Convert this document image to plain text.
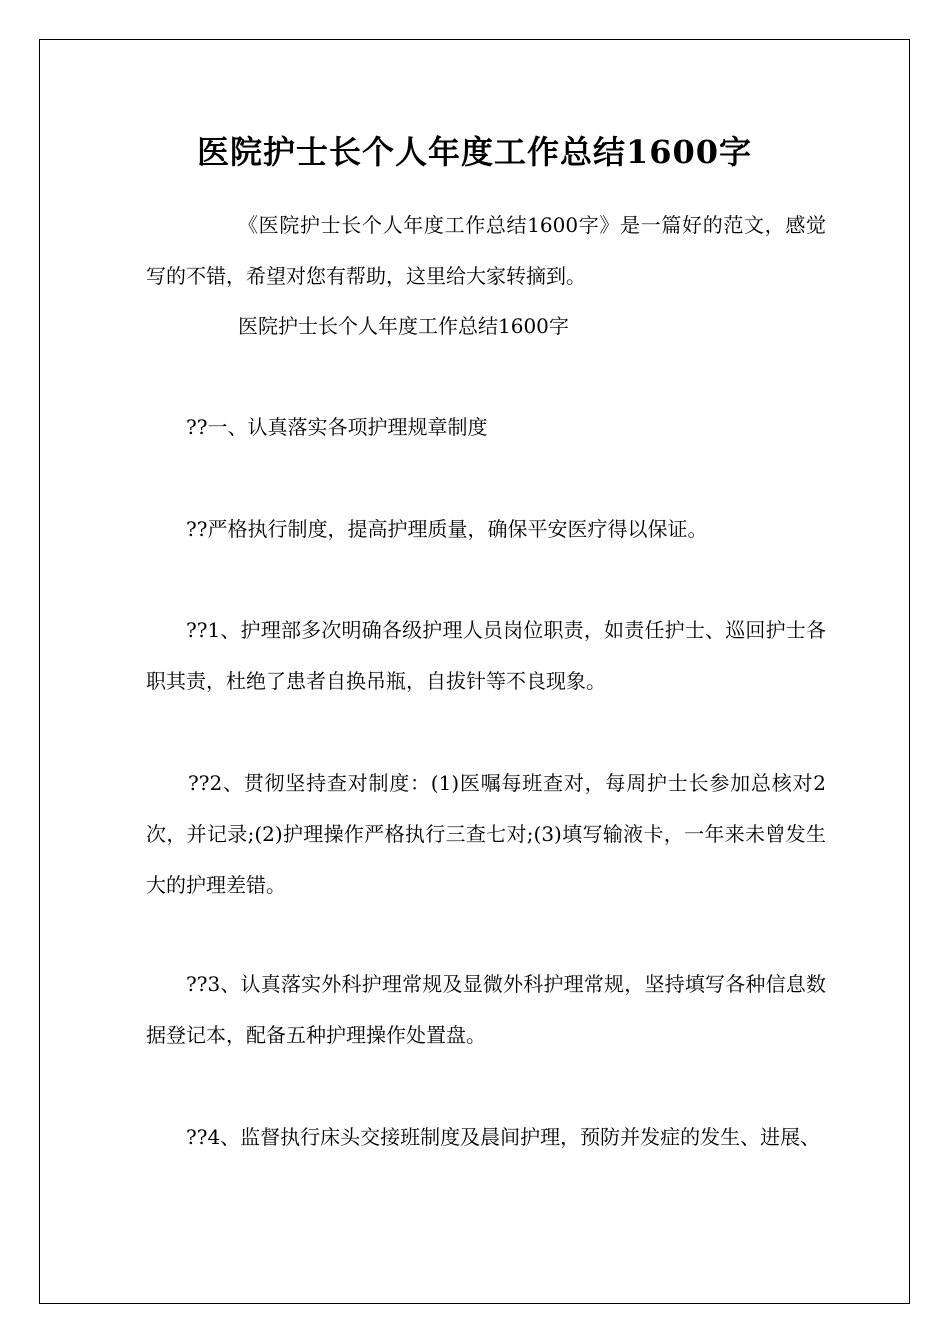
医院护士长个人年度工作总结1600字

《医院护士长个人年度工作总结1600字》是一篇好的范文，感觉写的不错，希望对您有帮助，这里给大家转摘到。

医院护士长个人年度工作总结1600字

??一、认真落实各项护理规章制度

??严格执行制度，提高护理质量，确保平安医疗得以保证。

??1、护理部多次明确各级护理人员岗位职责，如责任护士、巡回护士各职其责，杜绝了患者自换吊瓶，自拔针等不良现象。

??2、贯彻坚持查对制度：(1)医嘱每班查对，每周护士长参加总核对2次，并记录;(2)护理操作严格执行三查七对;(3)填写输液卡，一年来未曾发生大的护理差错。

??3、认真落实外科护理常规及显微外科护理常规，坚持填写各种信息数据登记本，配备五种护理操作处置盘。

??4、监督执行床头交接班制度及晨间护理，预防并发症的发生、进展、
